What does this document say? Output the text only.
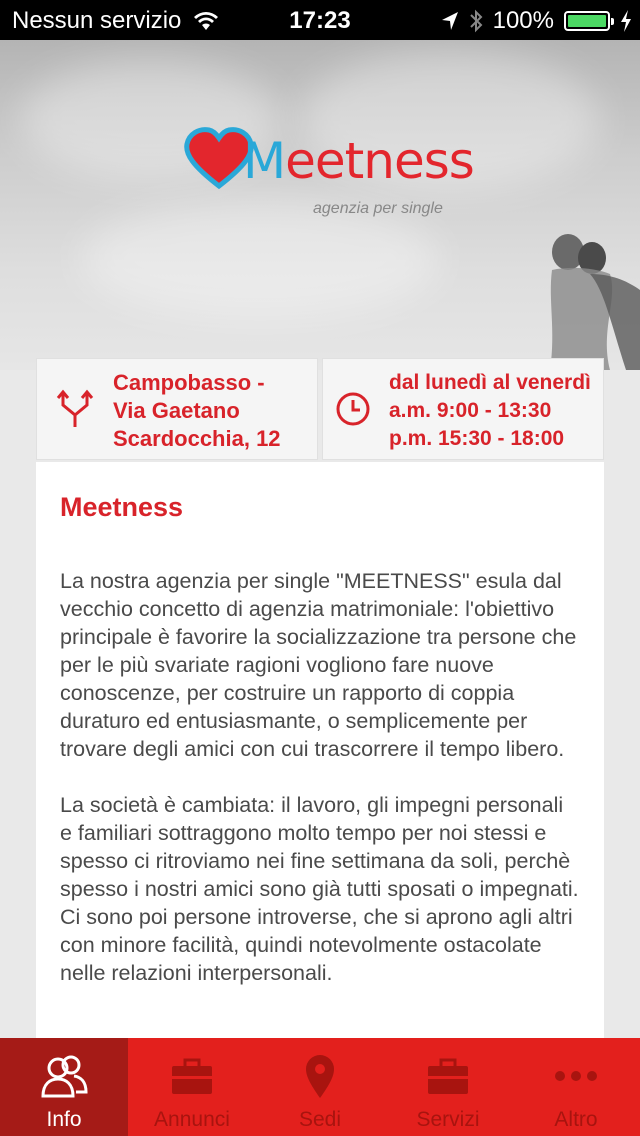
Nessun servizio	17:23	100%
Meetness
agenzia per single
Campobasso -
Via Gaetano
Scardocchia, 12
dal lunedì al venerdì
a.m. 9:00 - 13:30
p.m. 15:30 - 18:00
Meetness

La nostra agenzia per single "MEETNESS" esula dal vecchio concetto di agenzia matrimoniale: l'obiettivo principale è favorire la socializzazione tra persone che per le più svariate ragioni vogliono fare nuove conoscenze, per costruire un rapporto di coppia duraturo ed entusiasmante, o semplicemente per trovare degli amici con cui trascorrere il tempo libero.

La società è cambiata: il lavoro, gli impegni personali e familiari sottraggono molto tempo per noi stessi e spesso ci ritroviamo nei fine settimana da soli, perchè spesso i nostri amici sono già tutti sposati o impegnati.

Ci sono poi persone introverse, che si aprono agli altri con minore facilità, quindi notevolmente ostacolate nelle relazioni interpersonali.

Info	Annunci	Sedi	Servizi	Altro
